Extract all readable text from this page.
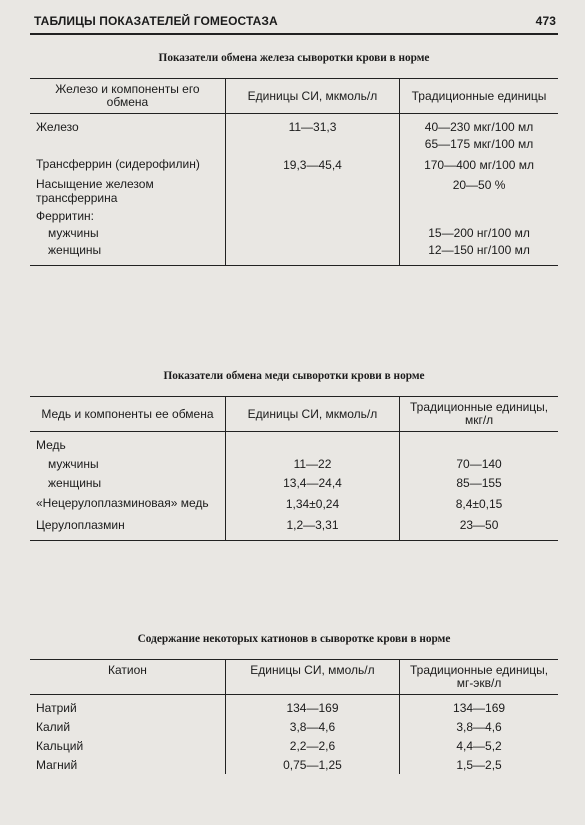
ТАБЛИЦЫ ПОКАЗАТЕЛЕЙ ГОМЕОСТАЗА	473
Показатели обмена железа сыворотки крови в норме
Железо и компоненты его обмена	Единицы СИ, мкмоль/л	Традиционные единицы
Железо	11—31,3	40—230 мкг/100 мл
65—175 мкг/100 мл

Трансферрин (сидерофилин)	19,3—45,4	170—400 мг/100 мл
Насыщение железом трансферрина		20—50 %
Ферритин:		
мужчины		15—200 нг/100 мл
женщины		12—150 нг/100 мл
Показатели обмена меди сыворотки крови в норме
Медь и компоненты ее обмена	Единицы СИ, мкмоль/л	Традиционные единицы, мкг/л
Медь		
мужчины	11—22	70—140
женщины	13,4—24,4	85—155
«Нецерулоплазминовая» медь	1,34±0,24	8,4±0,15
Церулоплазмин	1,2—3,31	23—50
Содержание некоторых катионов в сыворотке крови в норме
Катион	Единицы СИ, ммоль/л	Традиционные единицы, мг-экв/л
Натрий	134—169	134—169
Калий	3,8—4,6	3,8—4,6
Кальций	2,2—2,6	4,4—5,2
Магний	0,75—1,25	1,5—2,5
